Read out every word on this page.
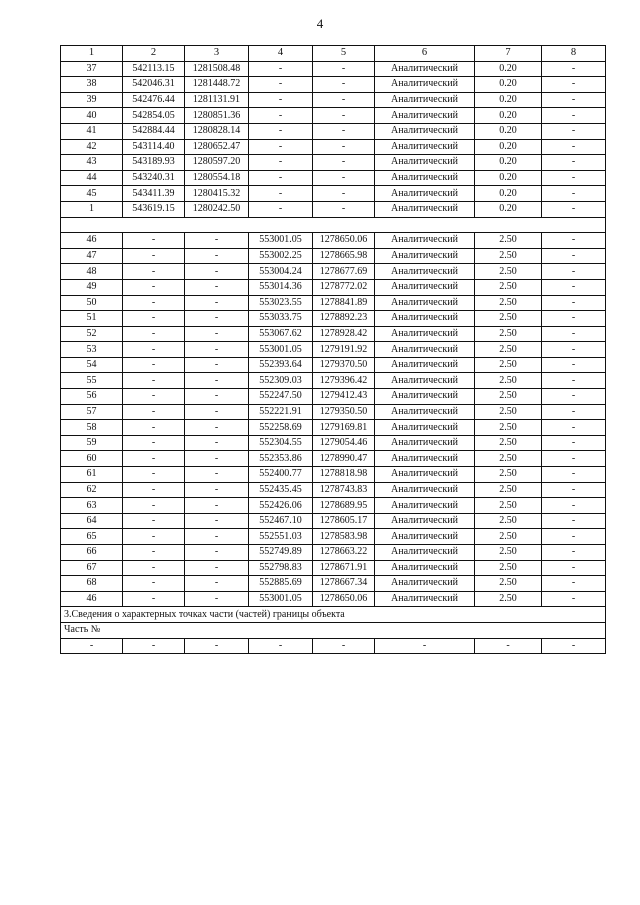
4
1	2	3	4	5	6	7	8
37	542113.15	1281508.48	-	-	Аналитический	0.20	-
38	542046.31	1281448.72	-	-	Аналитический	0.20	-
39	542476.44	1281131.91	-	-	Аналитический	0.20	-
40	542854.05	1280851.36	-	-	Аналитический	0.20	-
41	542884.44	1280828.14	-	-	Аналитический	0.20	-
42	543114.40	1280652.47	-	-	Аналитический	0.20	-
43	543189.93	1280597.20	-	-	Аналитический	0.20	-
44	543240.31	1280554.18	-	-	Аналитический	0.20	-
45	543411.39	1280415.32	-	-	Аналитический	0.20	-
1	543619.15	1280242.50	-	-	Аналитический	0.20	-

46	-	-	553001.05	1278650.06	Аналитический	2.50	-
47	-	-	553002.25	1278665.98	Аналитический	2.50	-
48	-	-	553004.24	1278677.69	Аналитический	2.50	-
49	-	-	553014.36	1278772.02	Аналитический	2.50	-
50	-	-	553023.55	1278841.89	Аналитический	2.50	-
51	-	-	553033.75	1278892.23	Аналитический	2.50	-
52	-	-	553067.62	1278928.42	Аналитический	2.50	-
53	-	-	553001.05	1279191.92	Аналитический	2.50	-
54	-	-	552393.64	1279370.50	Аналитический	2.50	-
55	-	-	552309.03	1279396.42	Аналитический	2.50	-
56	-	-	552247.50	1279412.43	Аналитический	2.50	-
57	-	-	552221.91	1279350.50	Аналитический	2.50	-
58	-	-	552258.69	1279169.81	Аналитический	2.50	-
59	-	-	552304.55	1279054.46	Аналитический	2.50	-
60	-	-	552353.86	1278990.47	Аналитический	2.50	-
61	-	-	552400.77	1278818.98	Аналитический	2.50	-
62	-	-	552435.45	1278743.83	Аналитический	2.50	-
63	-	-	552426.06	1278689.95	Аналитический	2.50	-
64	-	-	552467.10	1278605.17	Аналитический	2.50	-
65	-	-	552551.03	1278583.98	Аналитический	2.50	-
66	-	-	552749.89	1278663.22	Аналитический	2.50	-
67	-	-	552798.83	1278671.91	Аналитический	2.50	-
68	-	-	552885.69	1278667.34	Аналитический	2.50	-
46	-	-	553001.05	1278650.06	Аналитический	2.50	-
3.Сведения о характерных точках части (частей) границы объекта							
Часть №							
-	-	-	-	-	-	-	-
